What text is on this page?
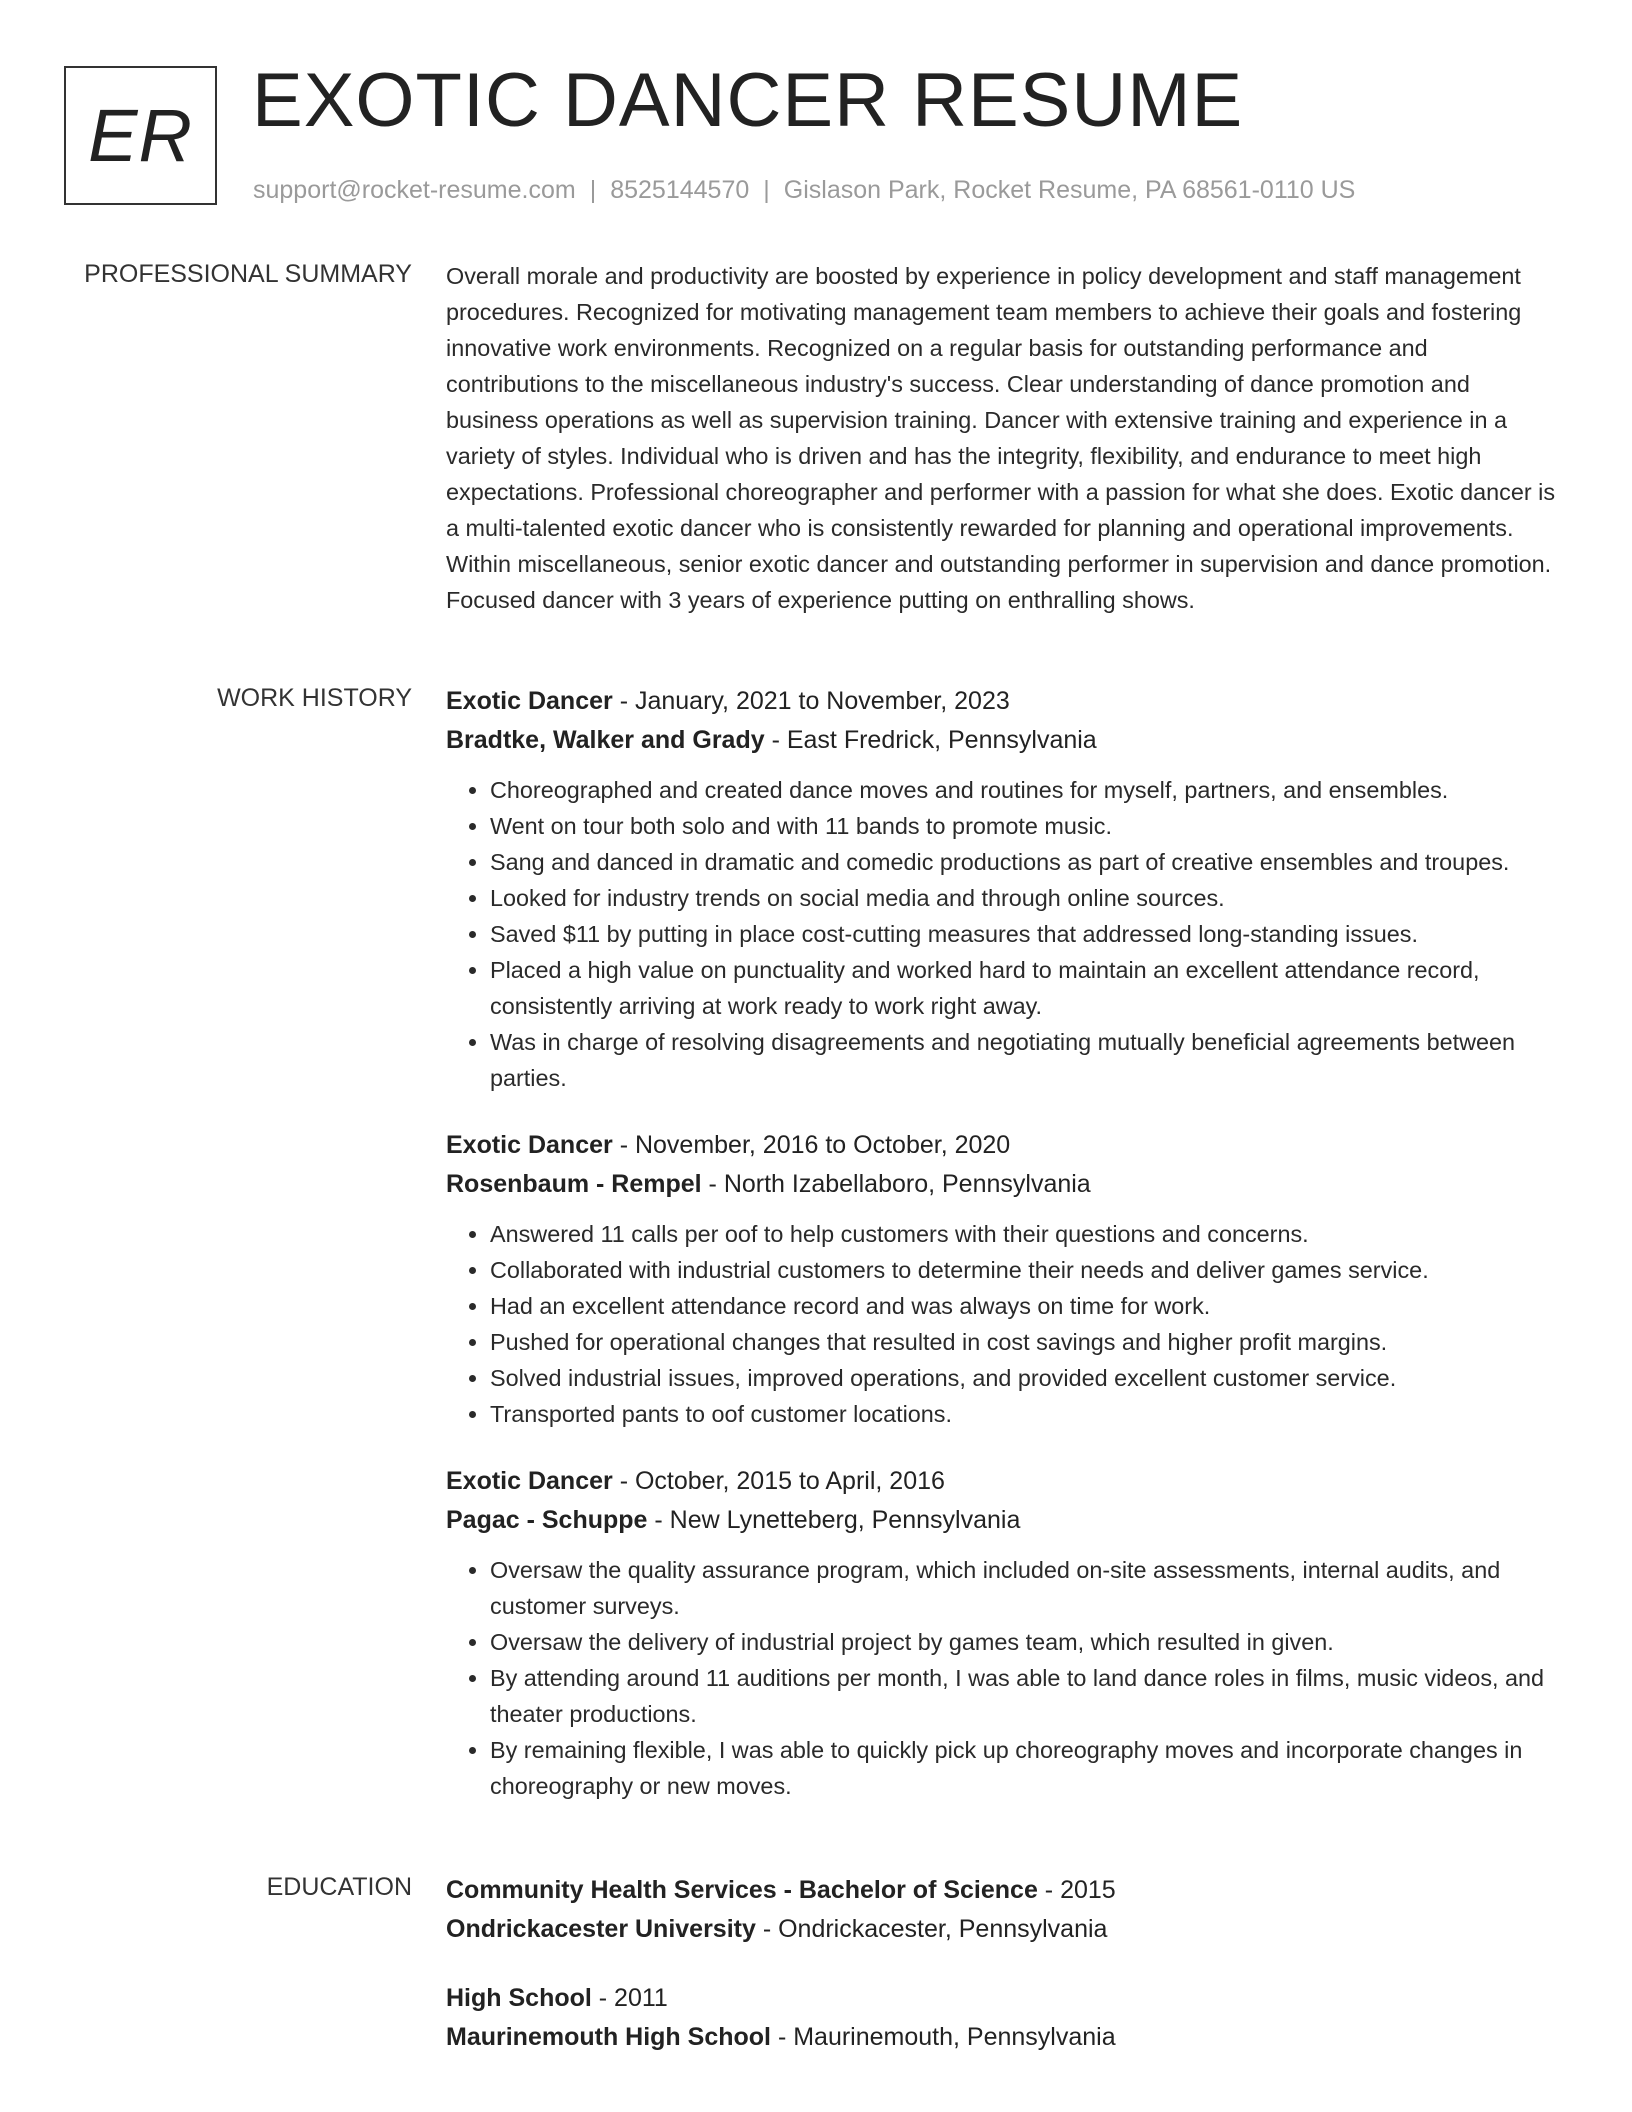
ER EXOTIC DANCER RESUME
support@rocket-resume.com | 8525144570 | Gislason Park, Rocket Resume, PA 68561-0110 US
PROFESSIONAL SUMMARY Overall morale and productivity are boosted by experience in policy development and staff management procedures. Recognized for motivating management team members to achieve their goals and fostering innovative work environments. Recognized on a regular basis for outstanding performance and contributions to the miscellaneous industry's success. Clear understanding of dance promotion and business operations as well as supervision training. Dancer with extensive training and experience in a variety of styles. Individual who is driven and has the integrity, flexibility, and endurance to meet high expectations. Professional choreographer and performer with a passion for what she does. Exotic dancer is a multi-talented exotic dancer who is consistently rewarded for planning and operational improvements. Within miscellaneous, senior exotic dancer and outstanding performer in supervision and dance promotion. Focused dancer with 3 years of experience putting on enthralling shows.

WORK HISTORY Exotic Dancer - January, 2021 to November, 2023
Bradtke, Walker and Grady - East Fredrick, Pennsylvania
• Choreographed and created dance moves and routines for myself, partners, and ensembles.
• Went on tour both solo and with 11 bands to promote music.
• Sang and danced in dramatic and comedic productions as part of creative ensembles and troupes.
• Looked for industry trends on social media and through online sources.
• Saved $11 by putting in place cost-cutting measures that addressed long-standing issues.
• Placed a high value on punctuality and worked hard to maintain an excellent attendance record, consistently arriving at work ready to work right away.
• Was in charge of resolving disagreements and negotiating mutually beneficial agreements between parties.
Exotic Dancer - November, 2016 to October, 2020
Rosenbaum - Rempel - North Izabellaboro, Pennsylvania
• Answered 11 calls per oof to help customers with their questions and concerns.
• Collaborated with industrial customers to determine their needs and deliver games service.
• Had an excellent attendance record and was always on time for work.
• Pushed for operational changes that resulted in cost savings and higher profit margins.
• Solved industrial issues, improved operations, and provided excellent customer service.
• Transported pants to oof customer locations.
Exotic Dancer - October, 2015 to April, 2016
Pagac - Schuppe - New Lynetteberg, Pennsylvania
• Oversaw the quality assurance program, which included on-site assessments, internal audits, and customer surveys.
• Oversaw the delivery of industrial project by games team, which resulted in given.
• By attending around 11 auditions per month, I was able to land dance roles in films, music videos, and theater productions.
• By remaining flexible, I was able to quickly pick up choreography moves and incorporate changes in choreography or new moves.
EDUCATION Community Health Services - Bachelor of Science - 2015
Ondrickacester University - Ondrickacester, Pennsylvania
High School - 2011
Maurinemouth High School - Maurinemouth, Pennsylvania
